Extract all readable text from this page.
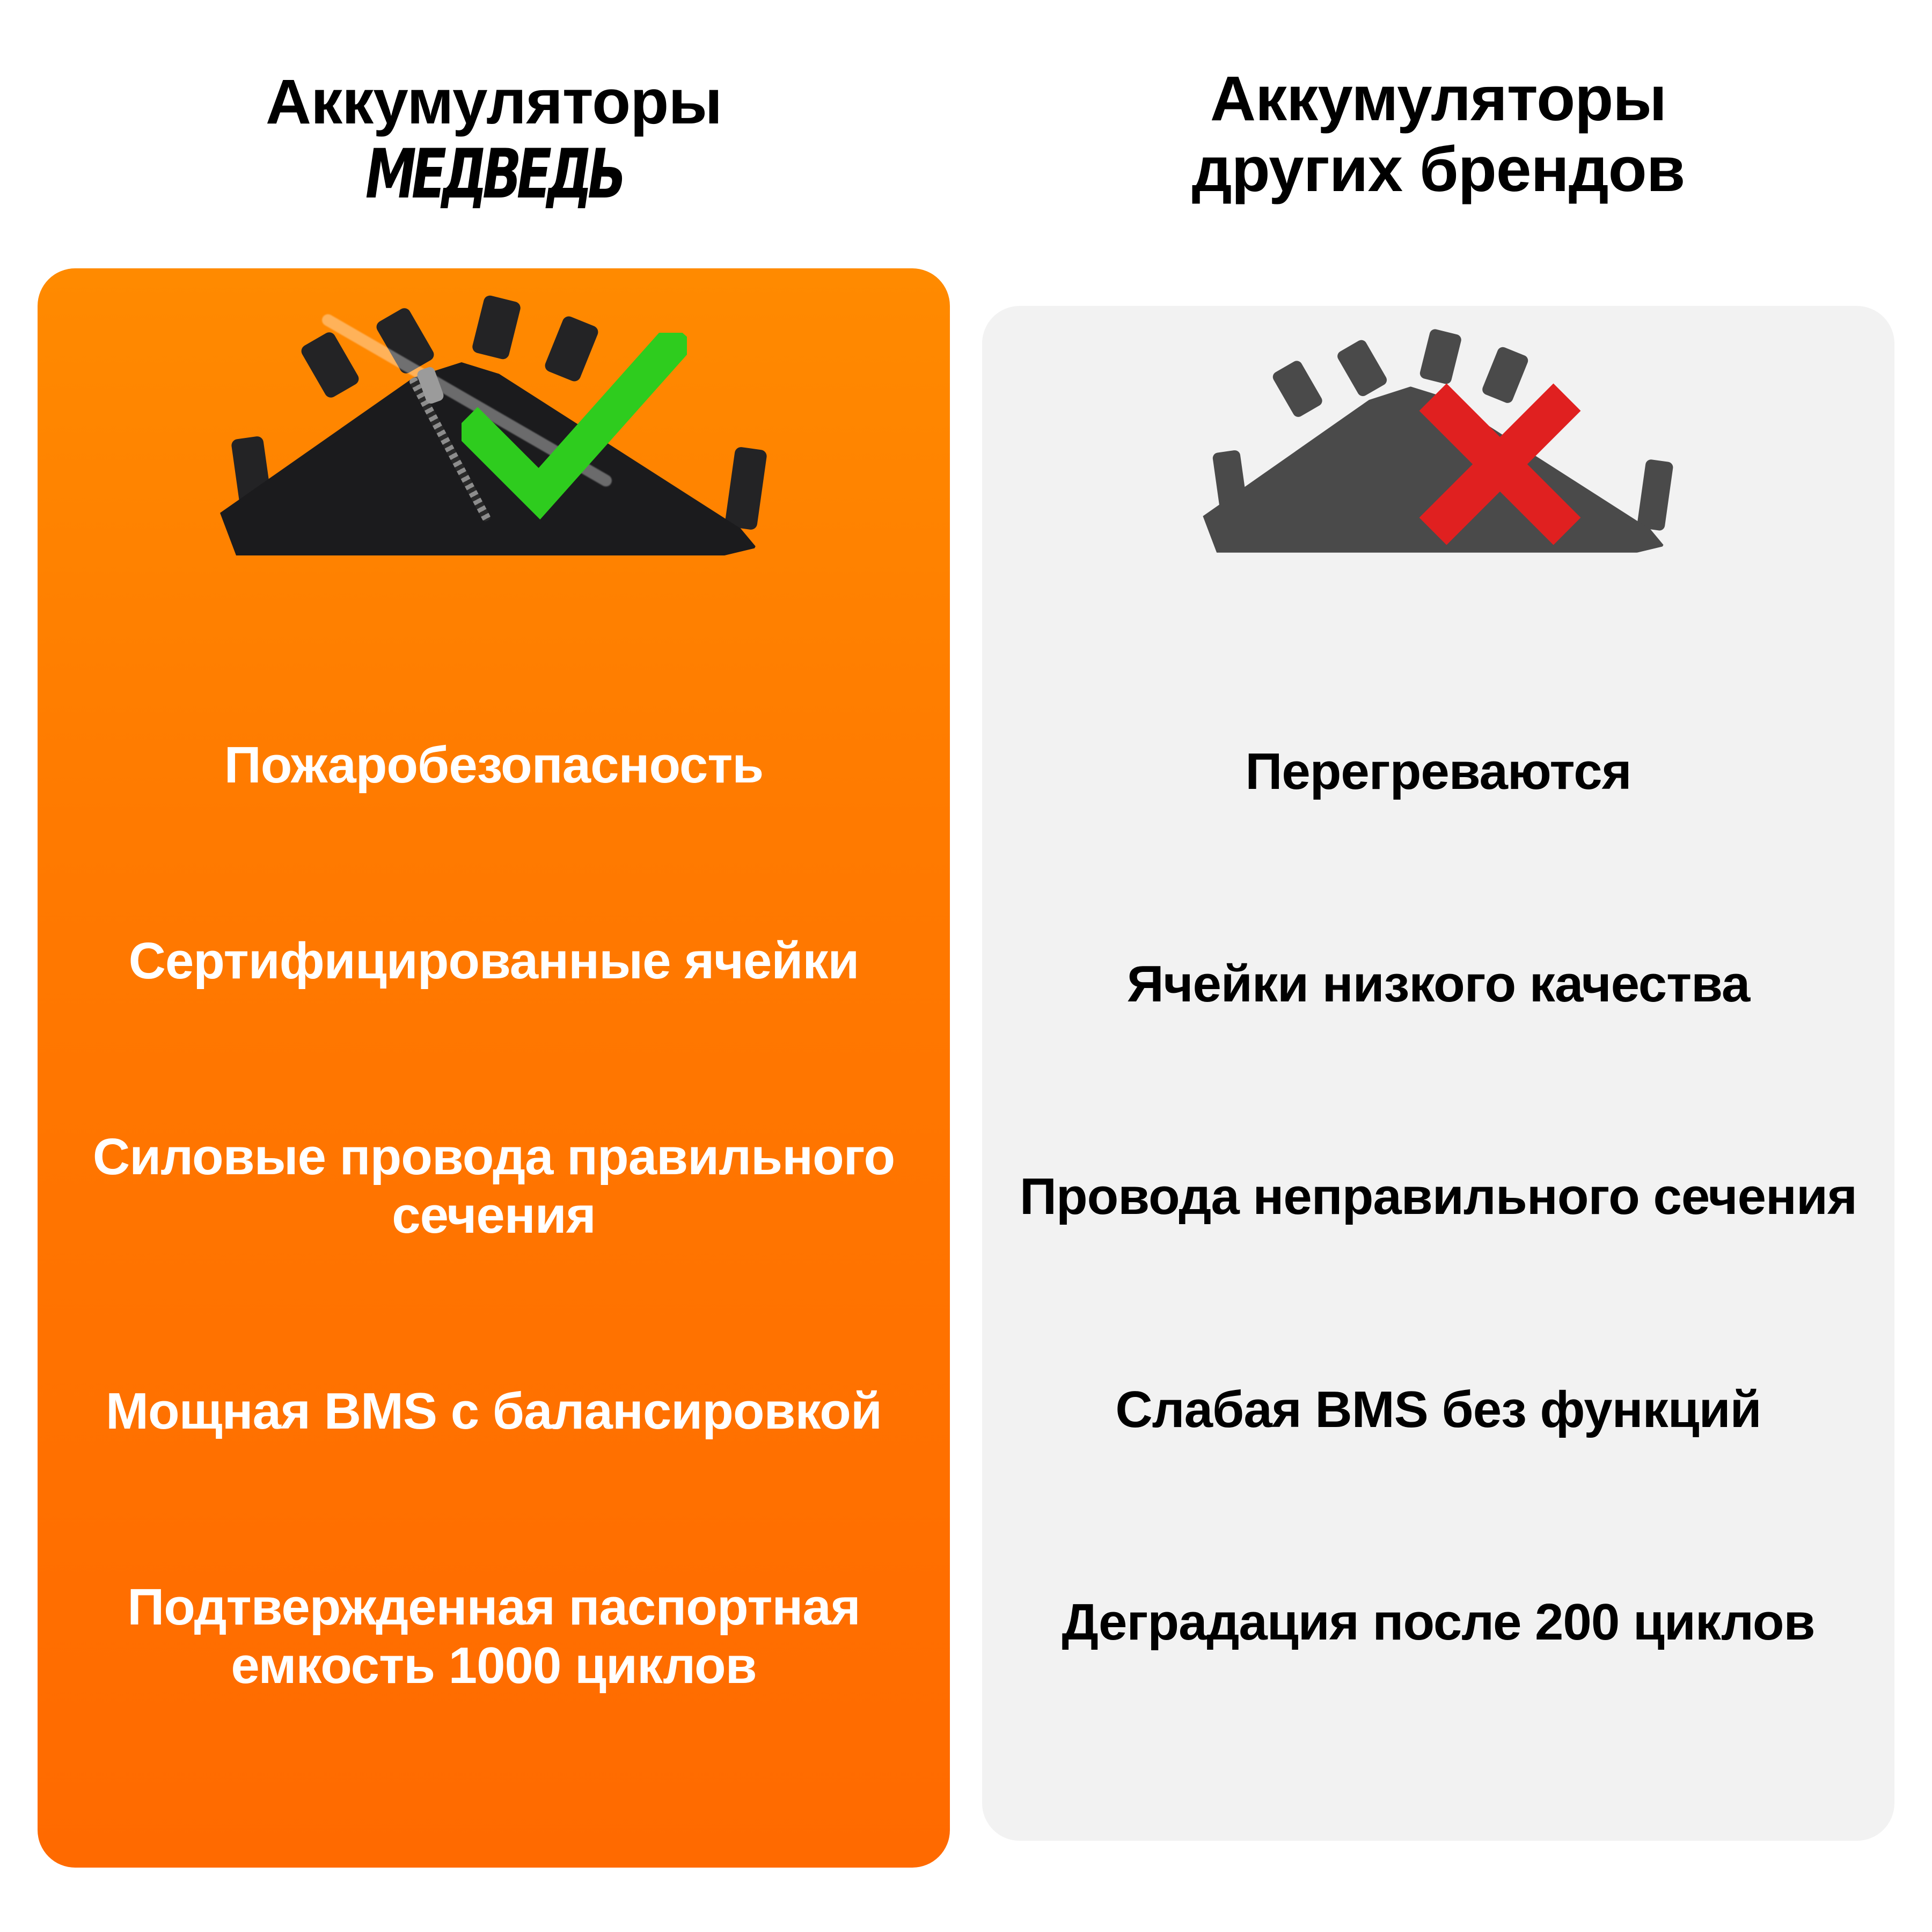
Аккумуляторы
МЕДВЕДЬ
Пожаробезопасность
Сертифицированные ячейки
Силовые провода правильного сечения
Мощная BMS с балансировкой
Подтвержденная паспортная емкость 1000 циклов
Аккумуляторы
других брендов
Перегреваются
Ячейки низкого качества
Провода неправильного сечения
Слабая BMS без функций
Деградация после 200 циклов
